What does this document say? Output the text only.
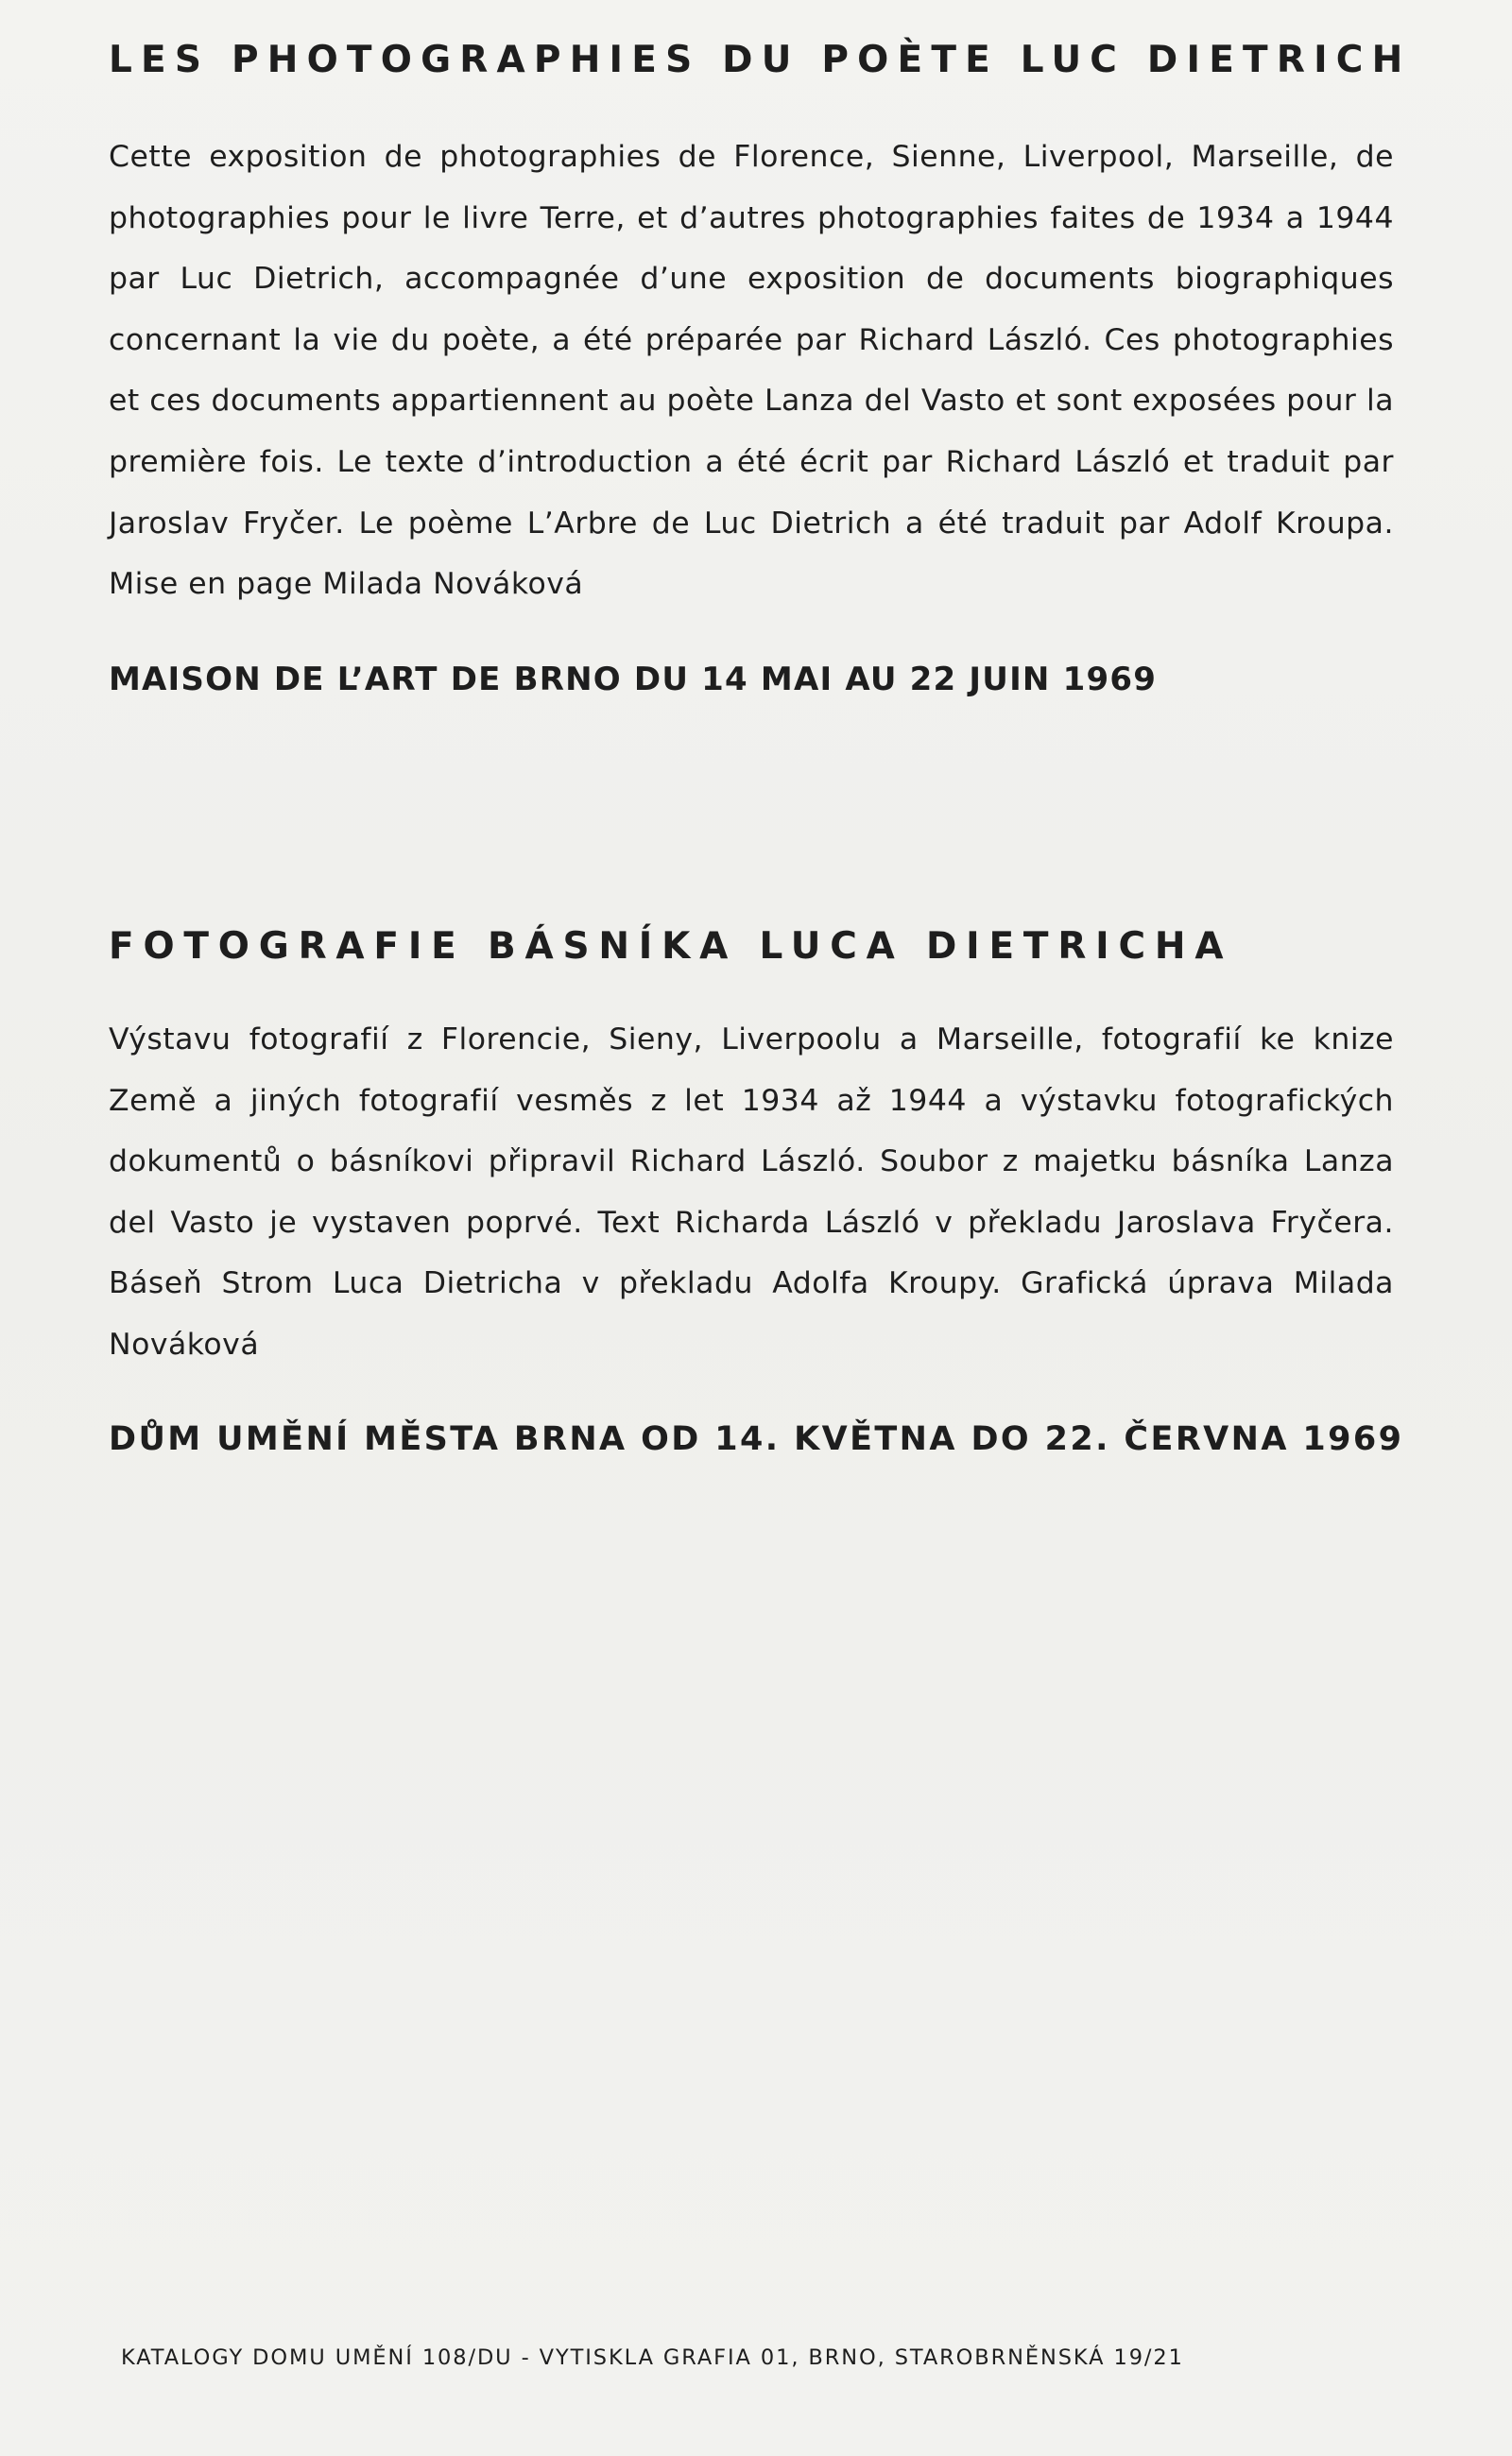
LES PHOTOGRAPHIES DU POÈTE LUC DIETRICH
Cette exposition de photographies de Florence, Sienne, Liverpool, Marseille, de photographies pour le livre Terre, et d’autres photographies faites de 1934 a 1944 par Luc Dietrich, accompagnée d’une exposition de documents biographiques concernant la vie du poète, a été préparée par Richard László. Ces photographies et ces documents appartiennent au poète Lanza del Vasto et sont exposées pour la première fois. Le texte d’introduction a été écrit par Richard László et traduit par Jaroslav Fryčer. Le poème L’Arbre de Luc Dietrich a été traduit par Adolf Kroupa. Mise en page Milada Nováková
MAISON DE L’ART DE BRNO DU 14 MAI AU 22 JUIN 1969
FOTOGRAFIE BÁSNÍKA LUCA DIETRICHA
Výstavu fotografií z Florencie, Sieny, Liverpoolu a Marseille, fotografií ke knize Země a jiných fotografií vesměs z let 1934 až 1944 a výstavku fotografických dokumentů o básníkovi připravil Richard László. Soubor z majetku básníka Lanza del Vasto je vystaven poprvé. Text Richarda László v překladu Jaroslava Fryčera. Báseň Strom Luca Dietricha v překladu Adolfa Kroupy. Grafická úprava Milada Nováková
DŮM UMĚNÍ MĚSTA BRNA OD 14. KVĚTNA DO 22. ČERVNA 1969
KATALOGY DOMU UMĚNÍ 108/DU - VYTISKLA GRAFIA 01, BRNO, STAROBRNĚNSKÁ 19/21
